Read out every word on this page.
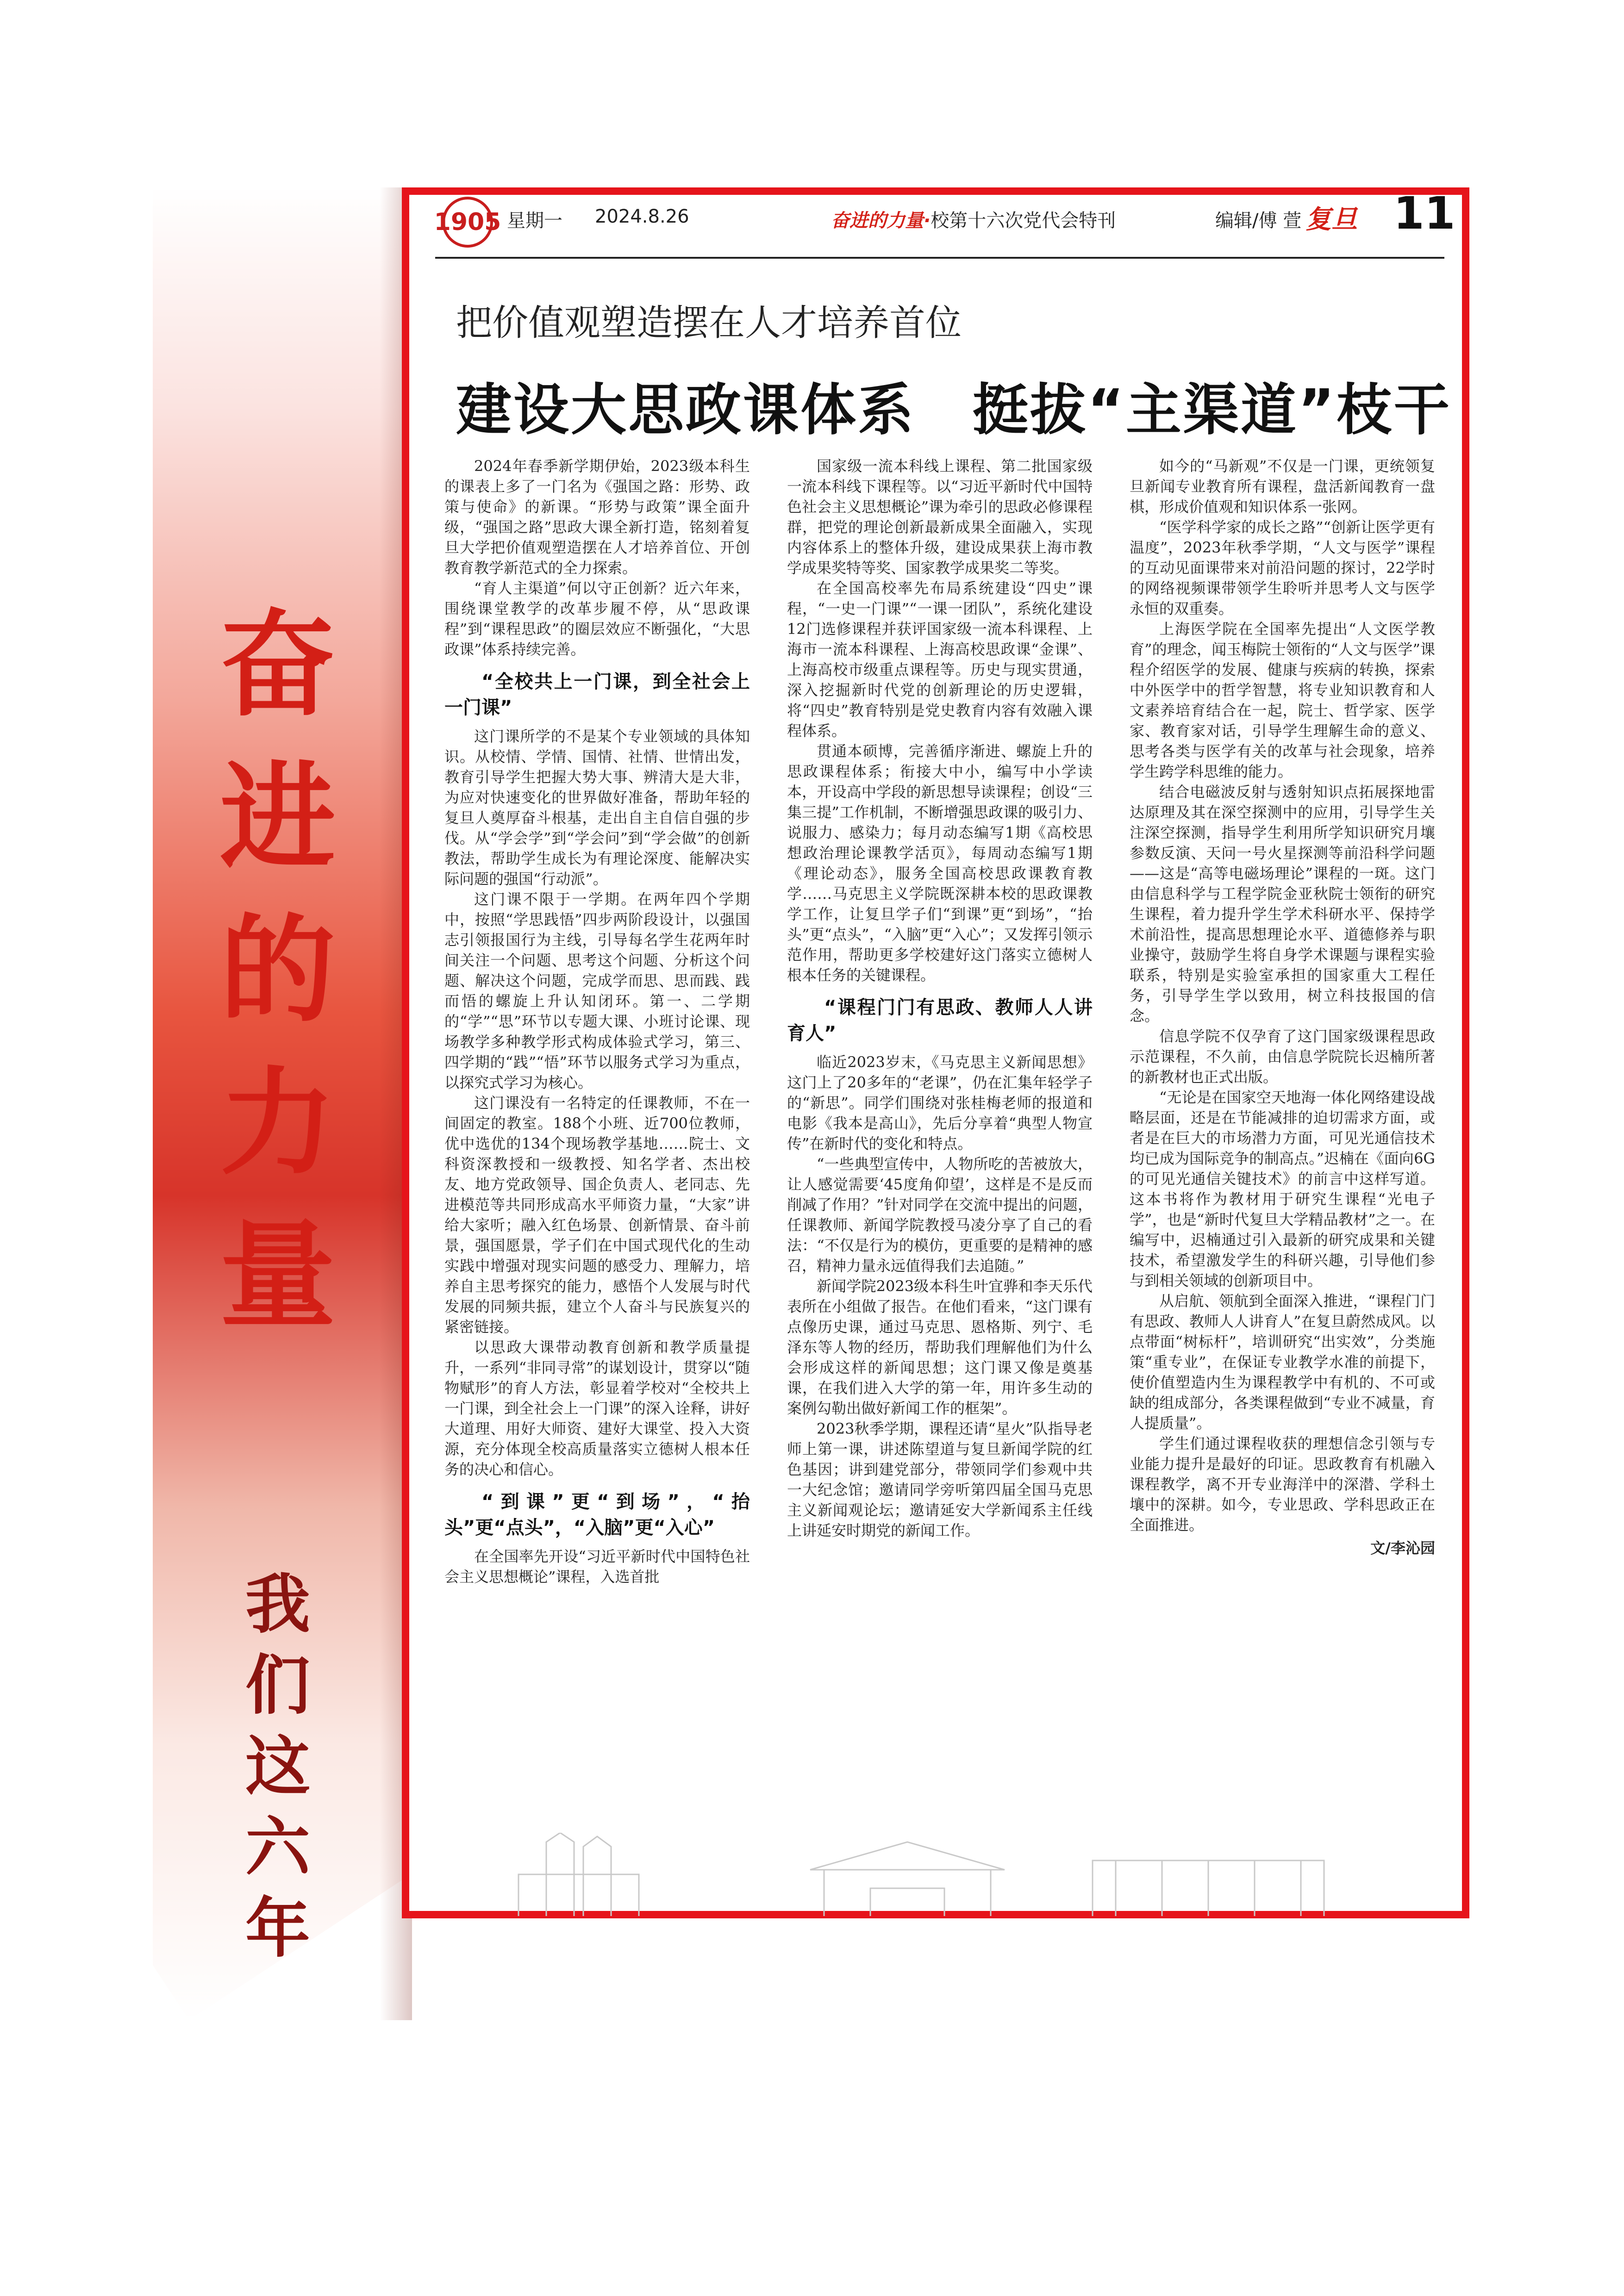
奋进的力量
我们这六年
1905 星期一 2024.8.26	奋进的力量·校第十六次党代会特刊	编辑/傅 萱 复旦 11
把价值观塑造摆在人才培养首位
建设大思政课体系　挺拔“主渠道”枝干

2024年春季新学期伊始，2023级本科生的课表上多了一门名为《强国之路：形势、政策与使命》的新课。“形势与政策”课全面升级，“强国之路”思政大课全新打造，铭刻着复旦大学把价值观塑造摆在人才培养首位、开创教育教学新范式的全力探索。

“育人主渠道”何以守正创新？近六年来，围绕课堂教学的改革步履不停，从“思政课程”到“课程思政”的圈层效应不断强化，“大思政课”体系持续完善。

“全校共上一门课，到全社会上一门课”

这门课所学的不是某个专业领域的具体知识。从校情、学情、国情、社情、世情出发，教育引导学生把握大势大事、辨清大是大非，为应对快速变化的世界做好准备，帮助年轻的复旦人奠厚奋斗根基，走出自主自信自强的步伐。从“学会学”到“学会问”到“学会做”的创新教法，帮助学生成长为有理论深度、能解决实际问题的强国“行动派”。

这门课不限于一学期。在两年四个学期中，按照“学思践悟”四步两阶段设计，以强国志引领报国行为主线，引导每名学生花两年时间关注一个问题、思考这个问题、分析这个问题、解决这个问题，完成学而思、思而践、践而悟的螺旋上升认知闭环。第一、二学期的“学”“思”环节以专题大课、小班讨论课、现场教学多种教学形式构成体验式学习，第三、四学期的“践”“悟”环节以服务式学习为重点，以探究式学习为核心。

这门课没有一名特定的任课教师，不在一间固定的教室。188个小班、近700位教师，优中选优的134个现场教学基地……院士、文科资深教授和一级教授、知名学者、杰出校友、地方党政领导、国企负责人、老同志、先进模范等共同形成高水平师资力量，“大家”讲给大家听；融入红色场景、创新情景、奋斗前景，强国愿景，学子们在中国式现代化的生动实践中增强对现实问题的感受力、理解力，培养自主思考探究的能力，感悟个人发展与时代发展的同频共振，建立个人奋斗与民族复兴的紧密链接。

以思政大课带动教育创新和教学质量提升，一系列“非同寻常”的谋划设计，贯穿以“随物赋形”的育人方法，彰显着学校对“全校共上一门课，到全社会上一门课”的深入诠释，讲好大道理、用好大师资、建好大课堂、投入大资源，充分体现全校高质量落实立德树人根本任务的决心和信心。

“到课”更“到场”，“抬头”更“点头”，“入脑”更“入心”

在全国率先开设“习近平新时代中国特色社会主义思想概论”课程，入选首批

国家级一流本科线上课程、第二批国家级一流本科线下课程等。以“习近平新时代中国特色社会主义思想概论”课为牵引的思政必修课程群，把党的理论创新最新成果全面融入，实现内容体系上的整体升级，建设成果获上海市教学成果奖特等奖、国家教学成果奖二等奖。

在全国高校率先布局系统建设“四史”课程，“一史一门课”“一课一团队”，系统化建设12门选修课程并获评国家级一流本科课程、上海市一流本科课程、上海高校思政课“金课”、上海高校市级重点课程等。历史与现实贯通，深入挖掘新时代党的创新理论的历史逻辑，将“四史”教育特别是党史教育内容有效融入课程体系。

贯通本硕博，完善循序渐进、螺旋上升的思政课程体系；衔接大中小，编写中小学读本，开设高中学段的新思想导读课程；创设“三集三提”工作机制，不断增强思政课的吸引力、说服力、感染力；每月动态编写1期《高校思想政治理论课教学活页》，每周动态编写1期《理论动态》，服务全国高校思政课教育教学……马克思主义学院既深耕本校的思政课教学工作，让复旦学子们“到课”更“到场”，“抬头”更“点头”，“入脑”更“入心”；又发挥引领示范作用，帮助更多学校建好这门落实立德树人根本任务的关键课程。

“课程门门有思政、教师人人讲育人”

临近2023岁末，《马克思主义新闻思想》这门上了20多年的“老课”，仍在汇集年轻学子的“新思”。同学们围绕对张桂梅老师的报道和电影《我本是高山》，先后分享着“典型人物宣传”在新时代的变化和特点。

“一些典型宣传中，人物所吃的苦被放大，让人感觉需要‘45度角仰望’，这样是不是反而削减了作用？”针对同学在交流中提出的问题，任课教师、新闻学院教授马凌分享了自己的看法：“不仅是行为的模仿，更重要的是精神的感召，精神力量永远值得我们去追随。”

新闻学院2023级本科生叶宜骅和李天乐代表所在小组做了报告。在他们看来，“这门课有点像历史课，通过马克思、恩格斯、列宁、毛泽东等人物的经历，帮助我们理解他们为什么会形成这样的新闻思想；这门课又像是奠基课，在我们进入大学的第一年，用许多生动的案例勾勒出做好新闻工作的框架”。

2023秋季学期，课程还请“星火”队指导老师上第一课，讲述陈望道与复旦新闻学院的红色基因；讲到建党部分，带领同学们参观中共一大纪念馆；邀请同学旁听第四届全国马克思主义新闻观论坛；邀请延安大学新闻系主任线上讲延安时期党的新闻工作。

如今的“马新观”不仅是一门课，更统领复旦新闻专业教育所有课程，盘活新闻教育一盘棋，形成价值观和知识体系一张网。

“医学科学家的成长之路”“创新让医学更有温度”，2023年秋季学期，“人文与医学”课程的互动见面课带来对前沿问题的探讨，22学时的网络视频课带领学生聆听并思考人文与医学永恒的双重奏。

上海医学院在全国率先提出“人文医学教育”的理念，闻玉梅院士领衔的“人文与医学”课程介绍医学的发展、健康与疾病的转换，探索中外医学中的哲学智慧，将专业知识教育和人文素养培育结合在一起，院士、哲学家、医学家、教育家对话，引导学生理解生命的意义、思考各类与医学有关的改革与社会现象，培养学生跨学科思维的能力。

结合电磁波反射与透射知识点拓展探地雷达原理及其在深空探测中的应用，引导学生关注深空探测，指导学生利用所学知识研究月壤参数反演、天问一号火星探测等前沿科学问题——这是“高等电磁场理论”课程的一斑。这门由信息科学与工程学院金亚秋院士领衔的研究生课程，着力提升学生学术科研水平、保持学术前沿性，提高思想理论水平、道德修养与职业操守，鼓励学生将自身学术课题与课程实验联系，特别是实验室承担的国家重大工程任务，引导学生学以致用，树立科技报国的信念。

信息学院不仅孕育了这门国家级课程思政示范课程，不久前，由信息学院院长迟楠所著的新教材也正式出版。

“无论是在国家空天地海一体化网络建设战略层面，还是在节能减排的迫切需求方面，或者是在巨大的市场潜力方面，可见光通信技术均已成为国际竞争的制高点。”迟楠在《面向6G的可见光通信关键技术》的前言中这样写道。这本书将作为教材用于研究生课程“光电子学”，也是“新时代复旦大学精品教材”之一。在编写中，迟楠通过引入最新的研究成果和关键技术，希望激发学生的科研兴趣，引导他们参与到相关领域的创新项目中。

从启航、领航到全面深入推进，“课程门门有思政、教师人人讲育人”在复旦蔚然成风。以点带面“树标杆”，培训研究“出实效”，分类施策“重专业”，在保证专业教学水准的前提下，使价值塑造内生为课程教学中有机的、不可或缺的组成部分，各类课程做到“专业不减量，育人提质量”。

学生们通过课程收获的理想信念引领与专业能力提升是最好的印证。思政教育有机融入课程教学，离不开专业海洋中的深潜、学科土壤中的深耕。如今，专业思政、学科思政正在全面推进。

文/李沁园
